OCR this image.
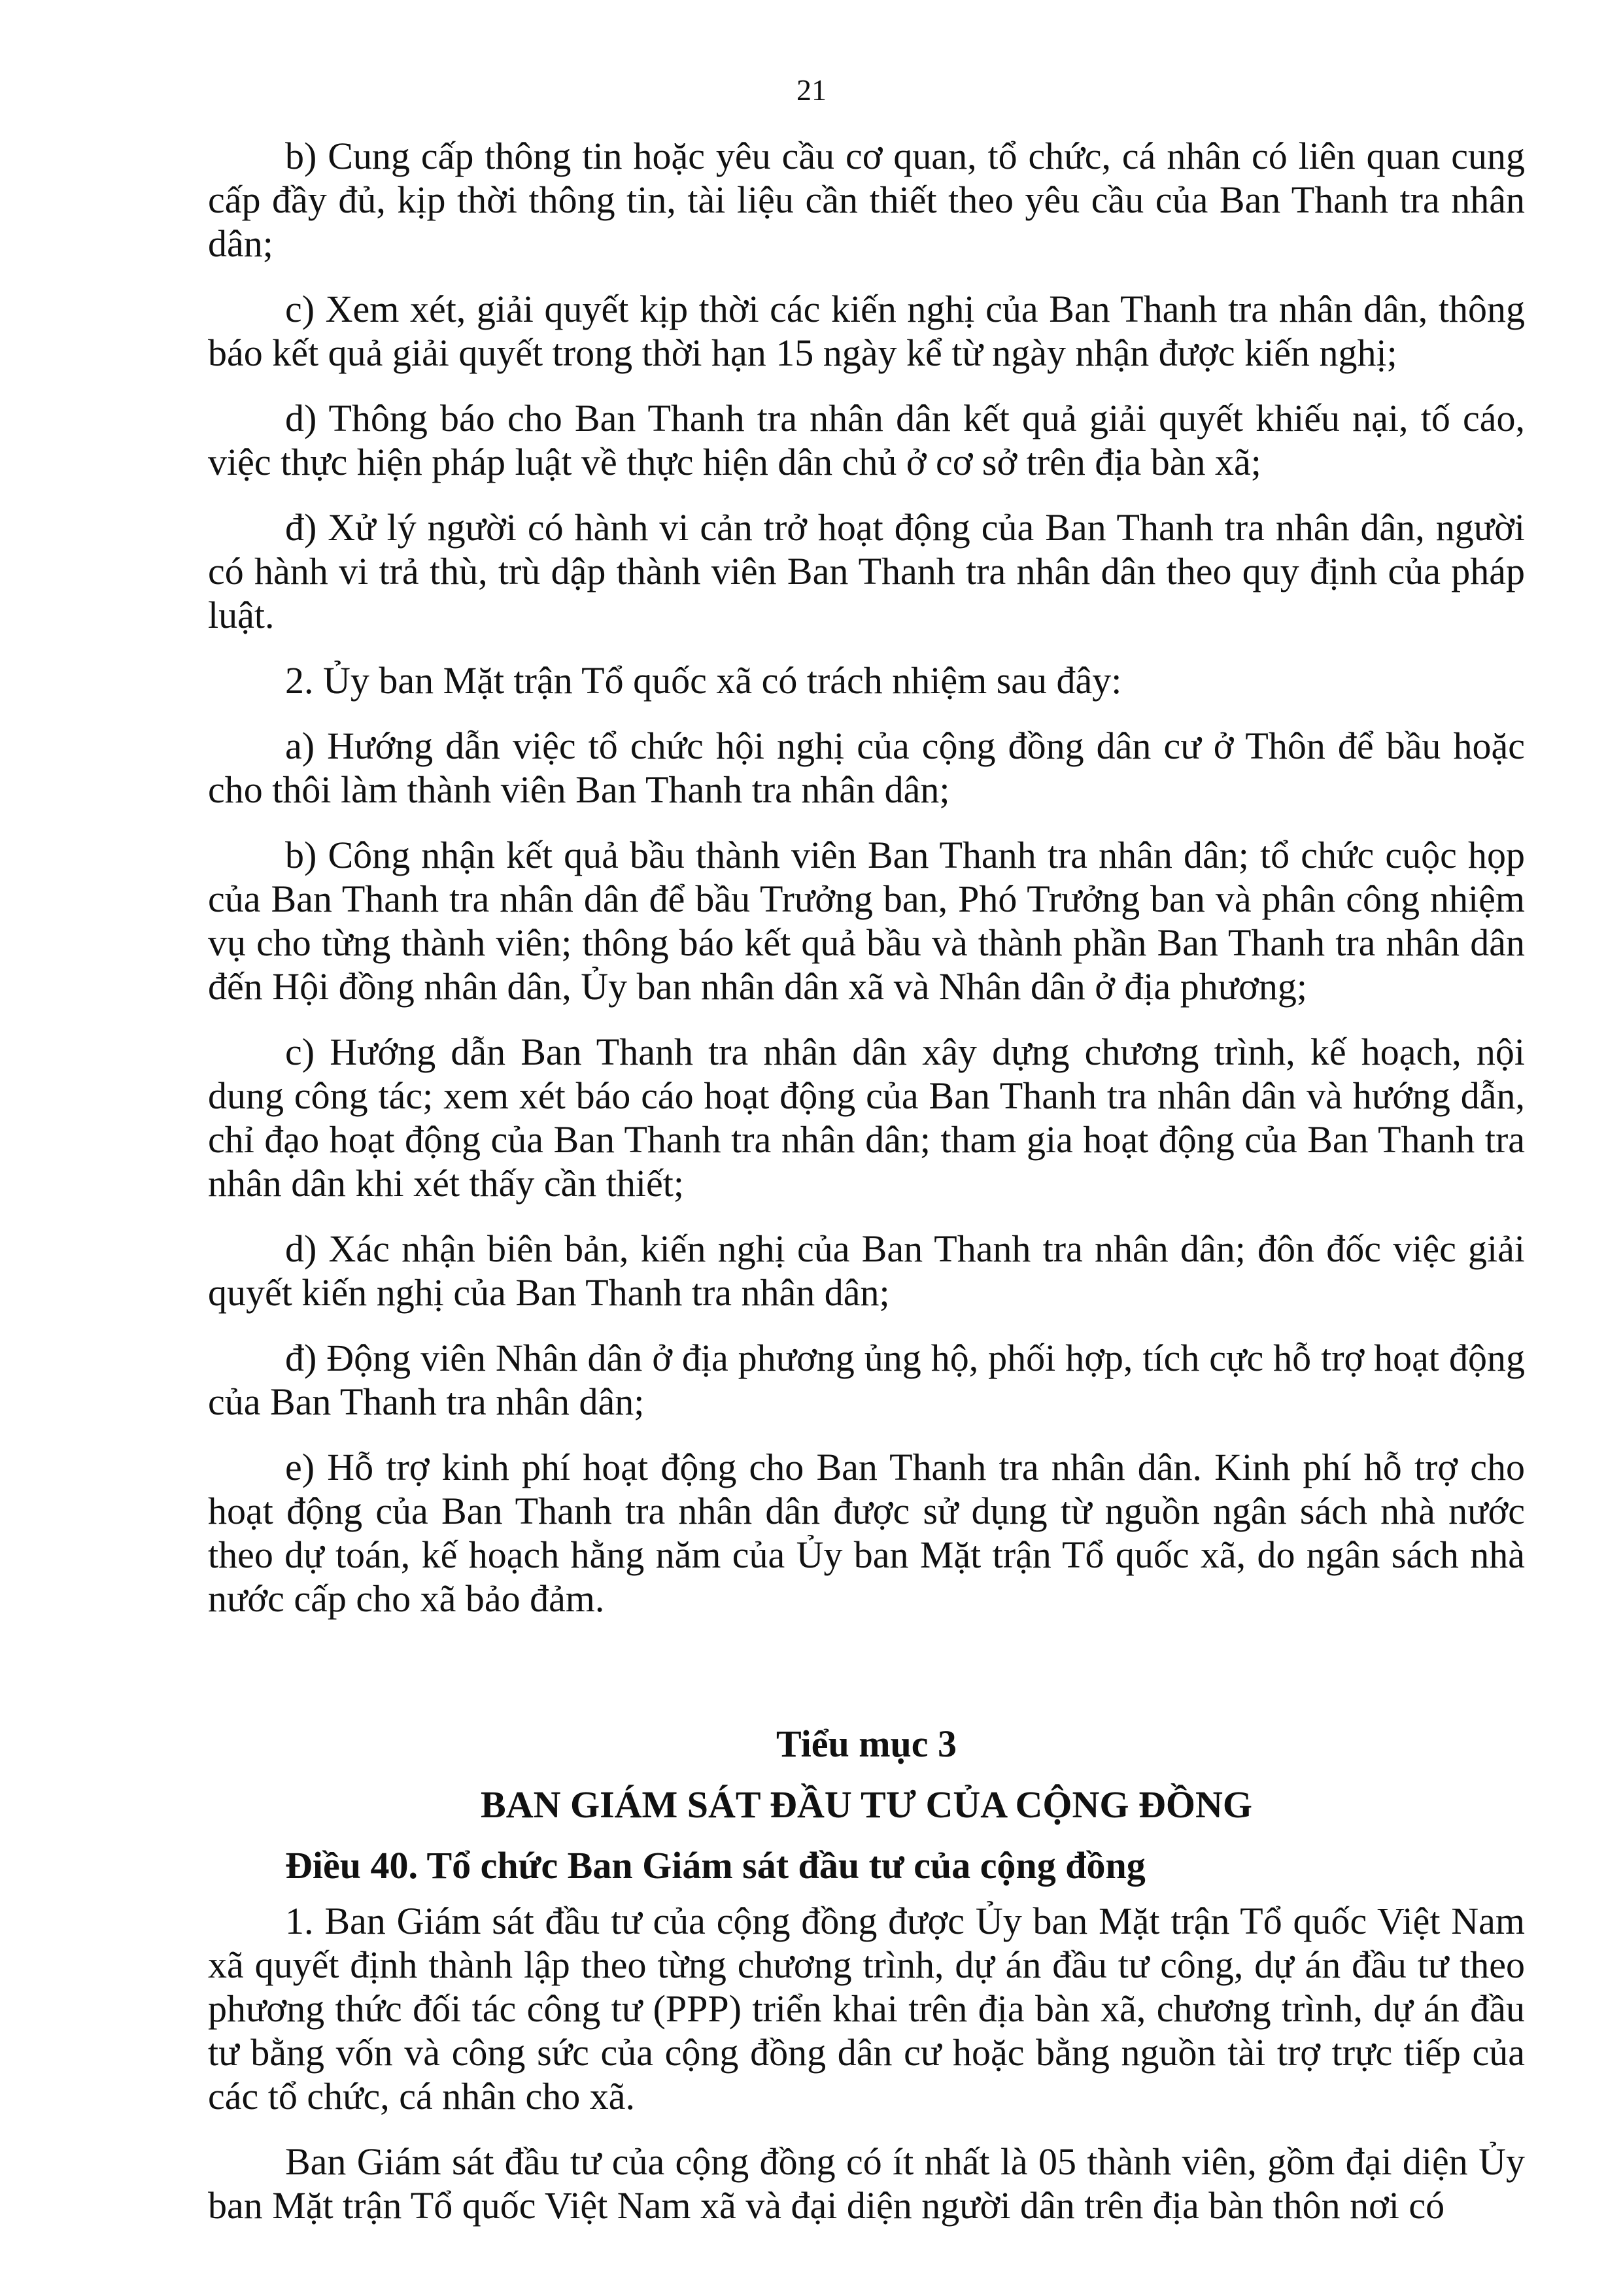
21

b) Cung cấp thông tin hoặc yêu cầu cơ quan, tổ chức, cá nhân có liên quan cung cấp đầy đủ, kịp thời thông tin, tài liệu cần thiết theo yêu cầu của Ban Thanh tra nhân dân;

c) Xem xét, giải quyết kịp thời các kiến nghị của Ban Thanh tra nhân dân, thông báo kết quả giải quyết trong thời hạn 15 ngày kể từ ngày nhận được kiến nghị;

d) Thông báo cho Ban Thanh tra nhân dân kết quả giải quyết khiếu nại, tố cáo, việc thực hiện pháp luật về thực hiện dân chủ ở cơ sở trên địa bàn xã;

đ) Xử lý người có hành vi cản trở hoạt động của Ban Thanh tra nhân dân, người có hành vi trả thù, trù dập thành viên Ban Thanh tra nhân dân theo quy định của pháp luật.

2. Ủy ban Mặt trận Tổ quốc xã có trách nhiệm sau đây:

a) Hướng dẫn việc tổ chức hội nghị của cộng đồng dân cư ở Thôn để bầu hoặc cho thôi làm thành viên Ban Thanh tra nhân dân;

b) Công nhận kết quả bầu thành viên Ban Thanh tra nhân dân; tổ chức cuộc họp của Ban Thanh tra nhân dân để bầu Trưởng ban, Phó Trưởng ban và phân công nhiệm vụ cho từng thành viên; thông báo kết quả bầu và thành phần Ban Thanh tra nhân dân đến Hội đồng nhân dân, Ủy ban nhân dân xã và Nhân dân ở địa phương;

c) Hướng dẫn Ban Thanh tra nhân dân xây dựng chương trình, kế hoạch, nội dung công tác; xem xét báo cáo hoạt động của Ban Thanh tra nhân dân và hướng dẫn, chỉ đạo hoạt động của Ban Thanh tra nhân dân; tham gia hoạt động của Ban Thanh tra nhân dân khi xét thấy cần thiết;

d) Xác nhận biên bản, kiến nghị của Ban Thanh tra nhân dân; đôn đốc việc giải quyết kiến nghị của Ban Thanh tra nhân dân;

đ) Động viên Nhân dân ở địa phương ủng hộ, phối hợp, tích cực hỗ trợ hoạt động của Ban Thanh tra nhân dân;

e) Hỗ trợ kinh phí hoạt động cho Ban Thanh tra nhân dân. Kinh phí hỗ trợ cho hoạt động của Ban Thanh tra nhân dân được sử dụng từ nguồn ngân sách nhà nước theo dự toán, kế hoạch hằng năm của Ủy ban Mặt trận Tổ quốc xã, do ngân sách nhà nước cấp cho xã bảo đảm.

Tiểu mục 3

BAN GIÁM SÁT ĐẦU TƯ CỦA CỘNG ĐỒNG

Điều 40. Tổ chức Ban Giám sát đầu tư của cộng đồng

1. Ban Giám sát đầu tư của cộng đồng được Ủy ban Mặt trận Tổ quốc Việt Nam xã quyết định thành lập theo từng chương trình, dự án đầu tư công, dự án đầu tư theo phương thức đối tác công tư (PPP) triển khai trên địa bàn xã, chương trình, dự án đầu tư bằng vốn và công sức của cộng đồng dân cư hoặc bằng nguồn tài trợ trực tiếp của các tổ chức, cá nhân cho xã.

Ban Giám sát đầu tư của cộng đồng có ít nhất là 05 thành viên, gồm đại diện Ủy ban Mặt trận Tổ quốc Việt Nam xã và đại diện người dân trên địa bàn thôn nơi có
